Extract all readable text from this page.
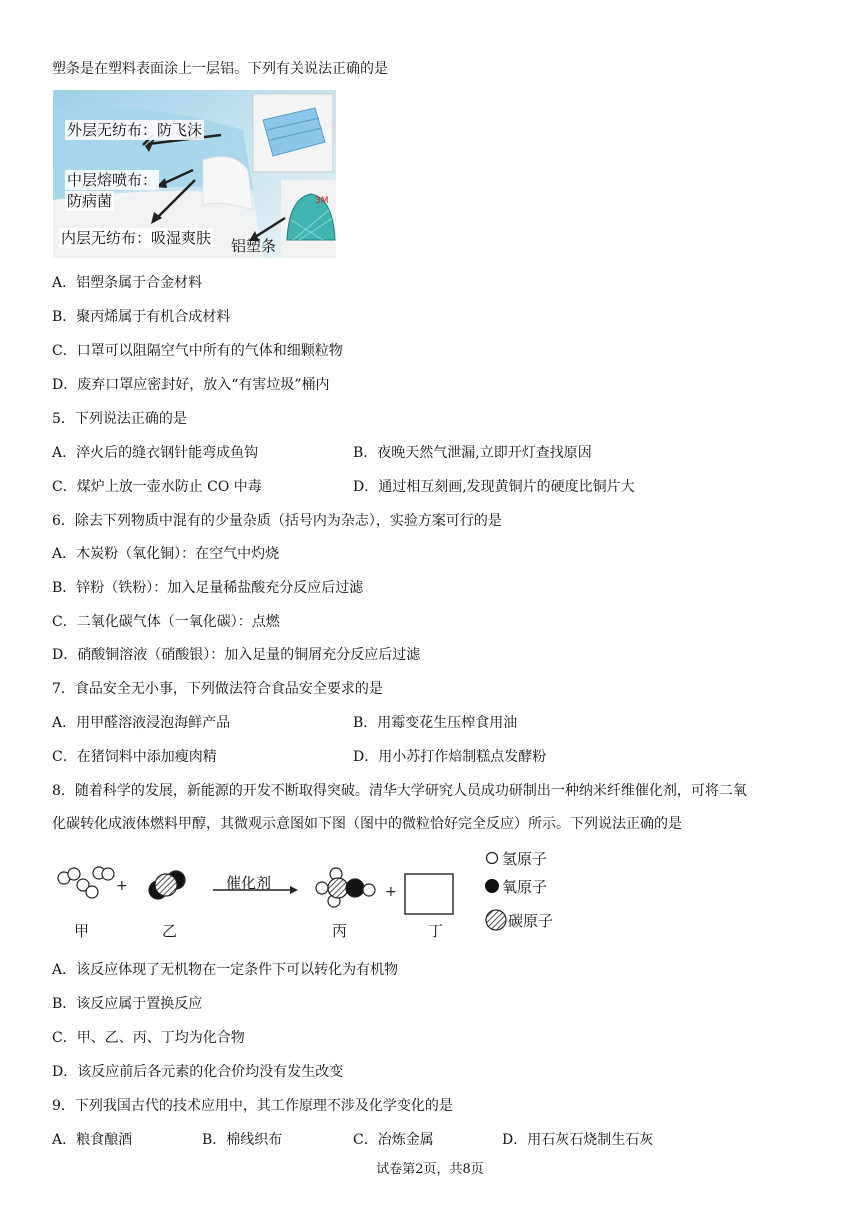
塑条是在塑料表面涂上一层铝。下列有关说法正确的是
3M
外层无纺布：防飞沫
中层熔喷布：
防病菌
内层无纺布：吸湿爽肤 铝塑条
A．铝塑条属于合金材料
B．聚丙烯属于有机合成材料
C．口罩可以阻隔空气中所有的气体和细颗粒物
D．废弃口罩应密封好，放入“有害垃圾”桶内
5．下列说法正确的是
A．淬火后的缝衣钢针能弯成鱼钩	B．夜晚天然气泄漏,立即开灯查找原因
C．煤炉上放一壶水防止 CO 中毒	D．通过相互刻画,发现黄铜片的硬度比铜片大
6．除去下列物质中混有的少量杂质（括号内为杂志），实验方案可行的是
A．木炭粉（氧化铜）：在空气中灼烧
B．锌粉（铁粉）：加入足量稀盐酸充分反应后过滤
C．二氧化碳气体（一氧化碳）：点燃
D．硝酸铜溶液（硝酸银）：加入足量的铜屑充分反应后过滤
7．食品安全无小事，下列做法符合食品安全要求的是
A．用甲醛溶液浸泡海鲜产品	B．用霉变花生压榨食用油
C．在猪饲料中添加瘦肉精	D．用小苏打作焙制糕点发酵粉
8．随着科学的发展，新能源的开发不断取得突破。清华大学研究人员成功研制出一种纳米纤维催化剂，可将二氧
化碳转化成液体燃料甲醇，其微观示意图如下图（图中的微粒恰好完全反应）所示。下列说法正确的是
+	+
催化剂
甲	乙	丙	丁
氢原子
氧原子
碳原子
A．该反应体现了无机物在一定条件下可以转化为有机物
B．该反应属于置换反应
C．甲、乙、丙、丁均为化合物
D．该反应前后各元素的化合价均没有发生改变
9．下列我国古代的技术应用中，其工作原理不涉及化学变化的是
A．粮食酿酒	B．棉线织布	C．冶炼金属	D．用石灰石烧制生石灰
试卷第2页，共8页
